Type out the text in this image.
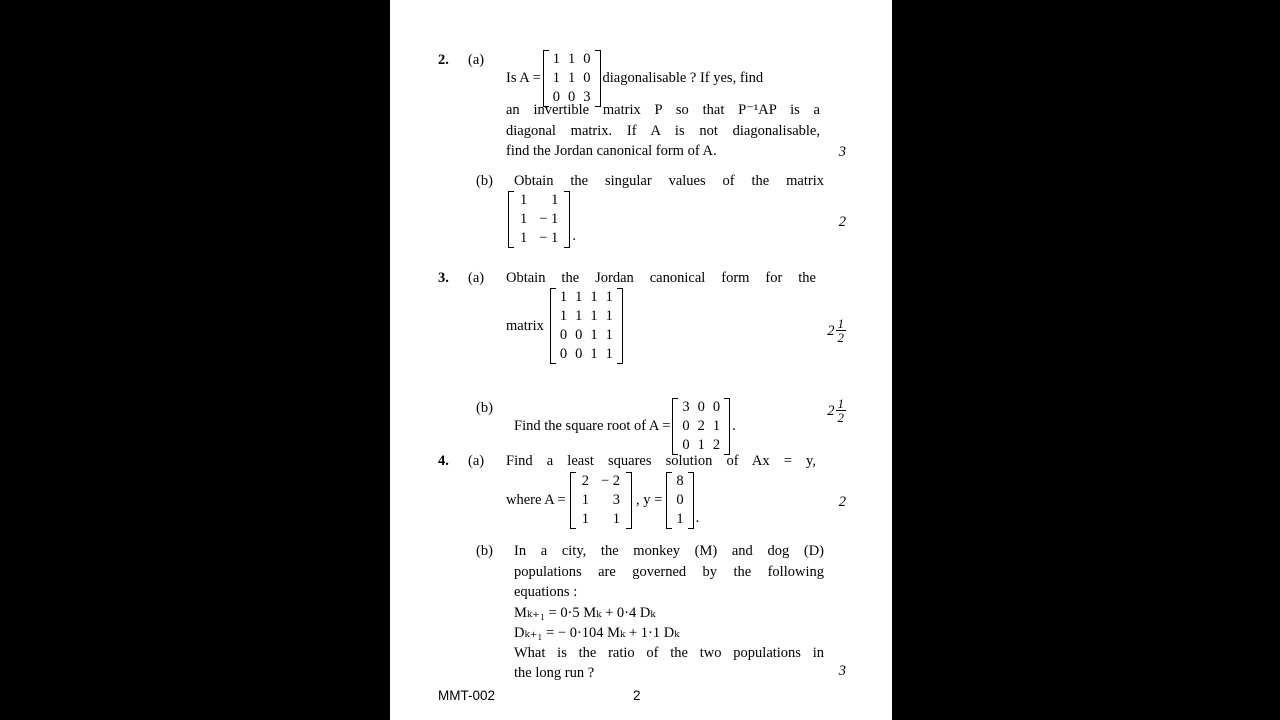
2.	(a)
Is A =
1	1	0
1	1	0
0	0	3
diagonalisable ? If yes, find
an invertible matrix P so that P⁻¹AP is a
diagonal matrix. If A is not diagonalisable,
find the Jordan canonical form of A.	3
(b)	Obtain the singular values of the matrix
1	1
1	− 1
1	− 1 .
2
3.	(a)	Obtain the Jordan canonical form for the
matrix
1	1	1	1
1	1	1	1
0	0	1	1
0	0	1	1
$2 \frac{1}{2}$
(b)
Find the square root of A =
3	0	0
0	2	1
0	1	2
.
$2 \frac{1}{2}$
4.	(a)	Find a least squares solution of Ax = y,
where A =
2	− 2
1	3
1	1
, y =
8
0
1 .
2
(b)	In a city, the monkey (M) and dog (D)
populations are governed by the following
equations :
Mₖ₊₁ = 0·5 Mₖ + 0·4 Dₖ
Dₖ₊₁ = − 0·104 Mₖ + 1·1 Dₖ
What is the ratio of the two populations in
the long run ?	3
MMT-002	2
